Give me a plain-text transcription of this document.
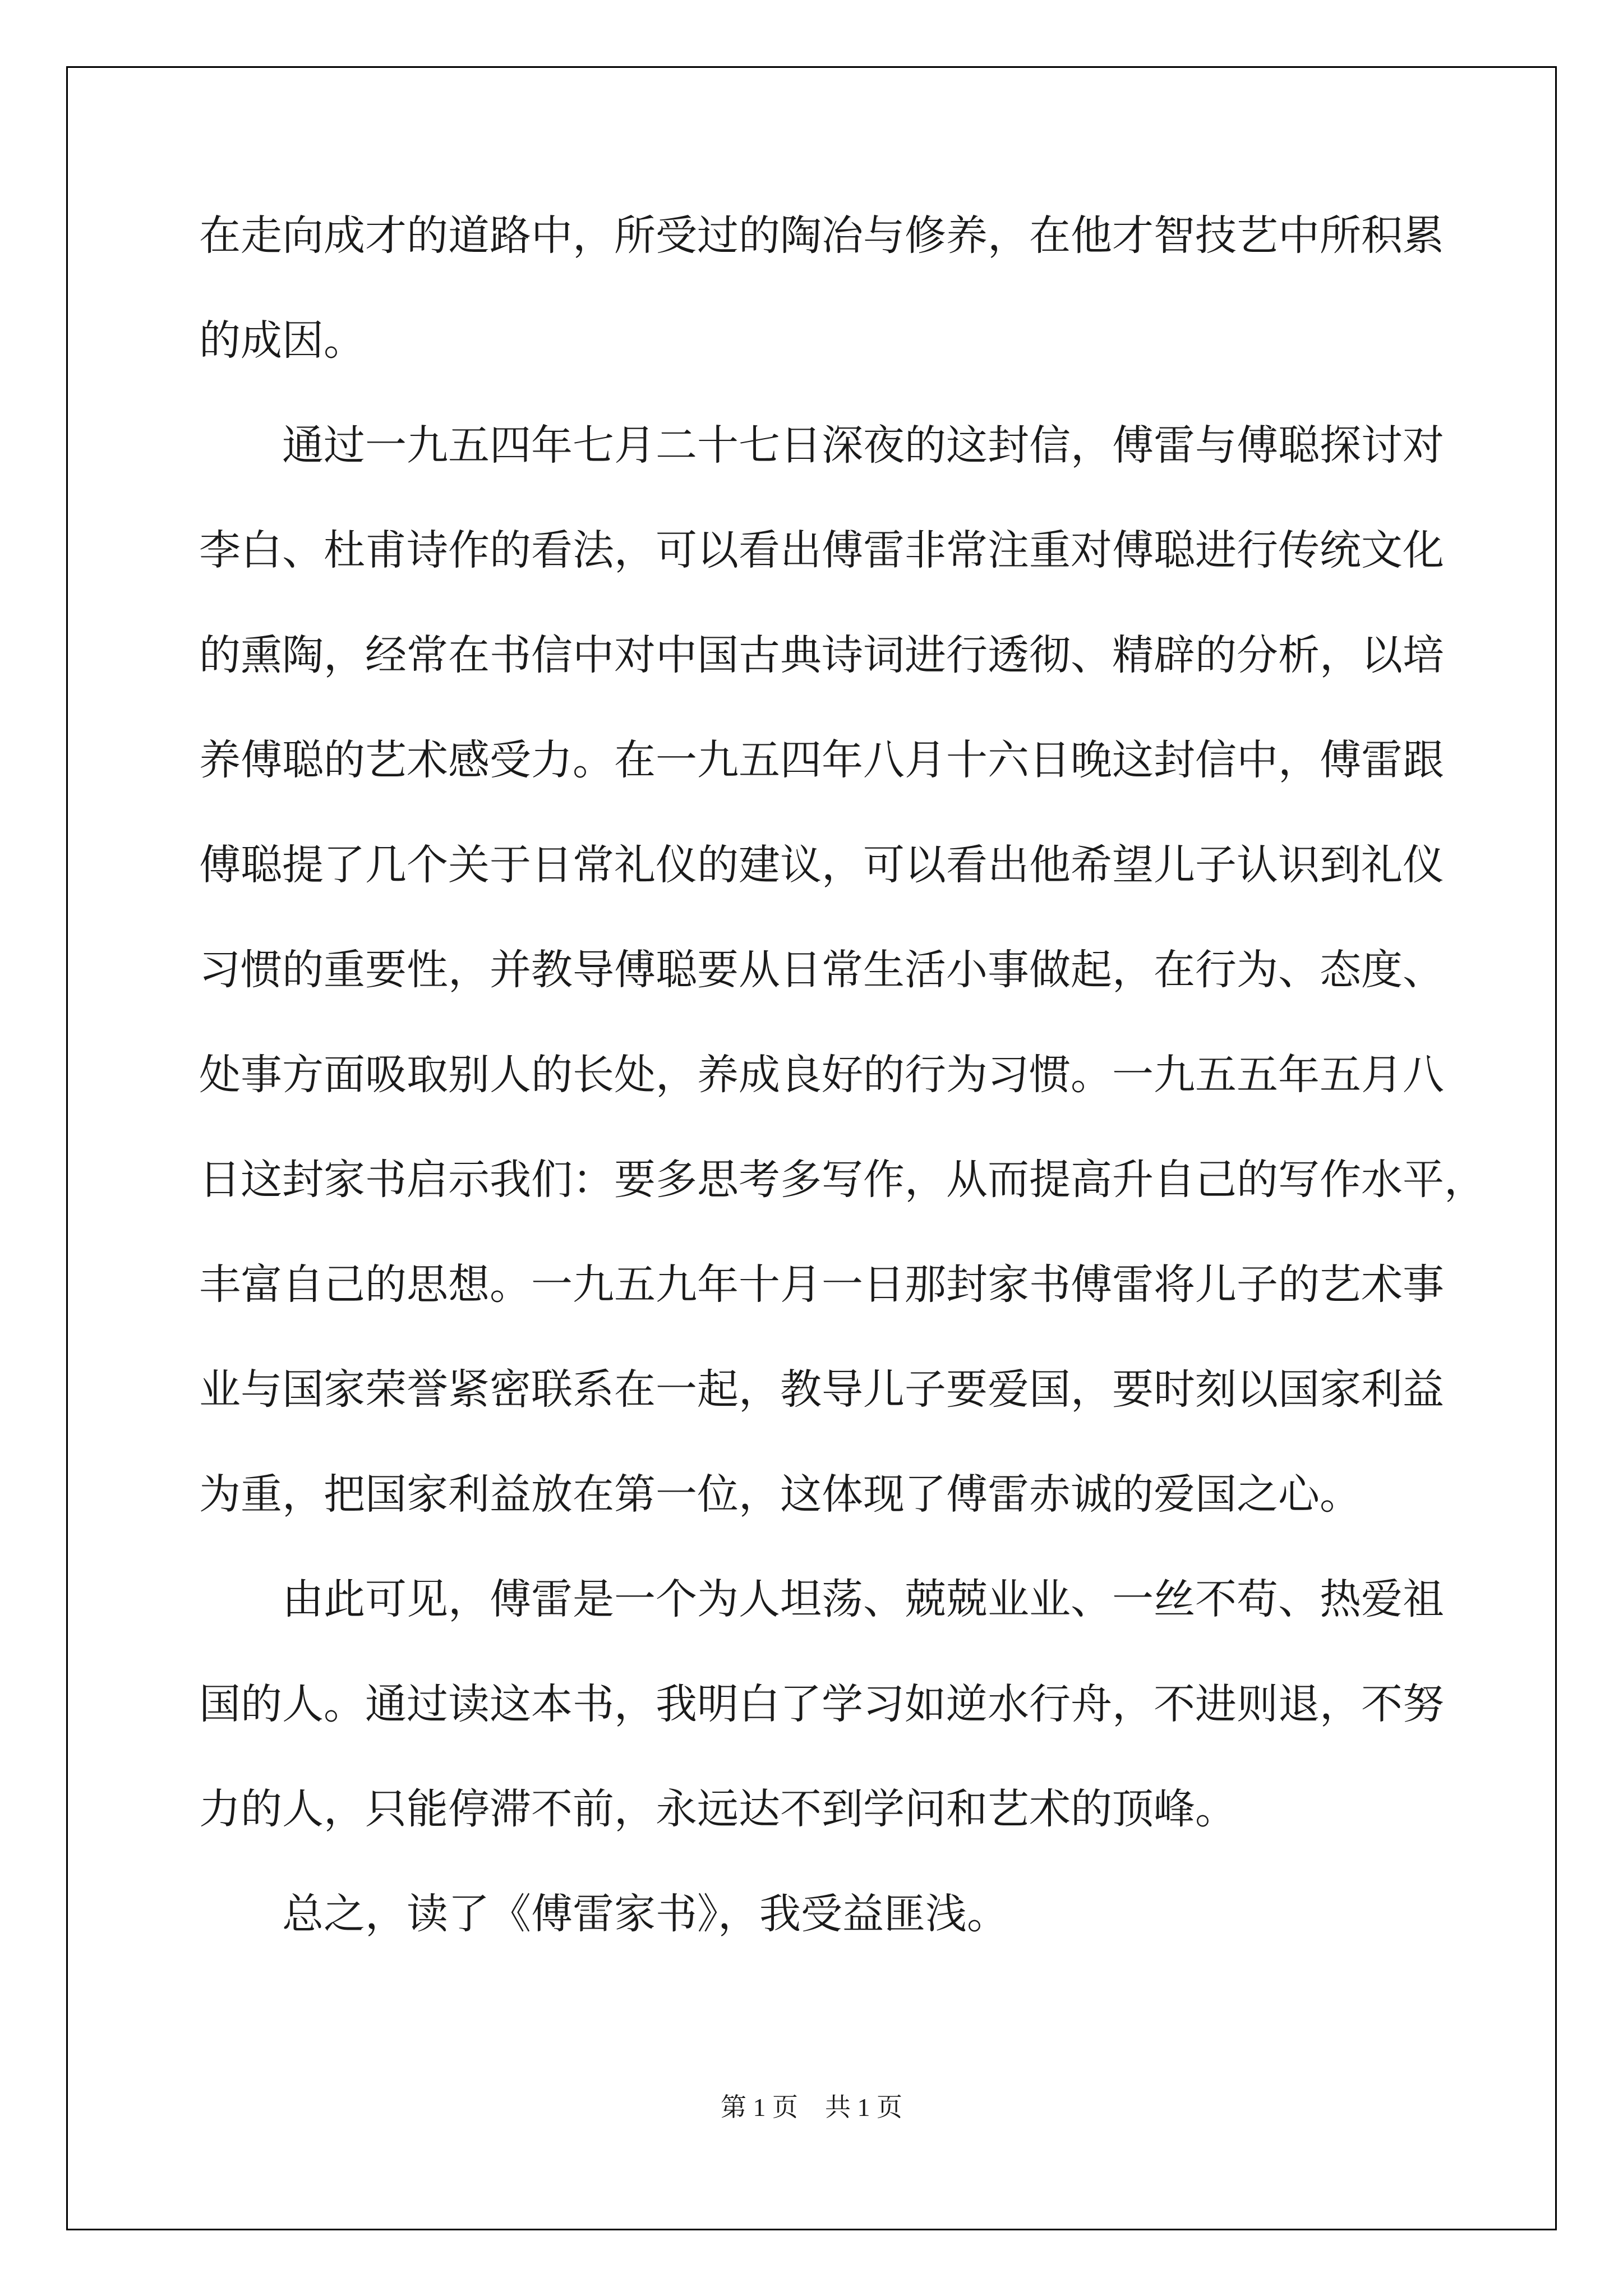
在走向成才的道路中，所受过的陶冶与修养，在他才智技艺中所积累
的成因。
通过一九五四年七月二十七日深夜的这封信，傅雷与傅聪探讨对
李白、杜甫诗作的看法，可以看出傅雷非常注重对傅聪进行传统文化
的熏陶，经常在书信中对中国古典诗词进行透彻、精辟的分析，以培
养傅聪的艺术感受力。在一九五四年八月十六日晚这封信中，傅雷跟
傅聪提了几个关于日常礼仪的建议，可以看出他希望儿子认识到礼仪
习惯的重要性，并教导傅聪要从日常生活小事做起，在行为、态度、
处事方面吸取别人的长处，养成良好的行为习惯。一九五五年五月八
日这封家书启示我们：要多思考多写作，从而提高升自己的写作水平，
丰富自己的思想。一九五九年十月一日那封家书傅雷将儿子的艺术事
业与国家荣誉紧密联系在一起，教导儿子要爱国，要时刻以国家利益
为重，把国家利益放在第一位，这体现了傅雷赤诚的爱国之心。
由此可见，傅雷是一个为人坦荡、兢兢业业、一丝不苟、热爱祖
国的人。通过读这本书，我明白了学习如逆水行舟，不进则退，不努
力的人，只能停滞不前，永远达不到学问和艺术的顶峰。
总之，读了《傅雷家书》，我受益匪浅。
第 1 页 共 1 页
